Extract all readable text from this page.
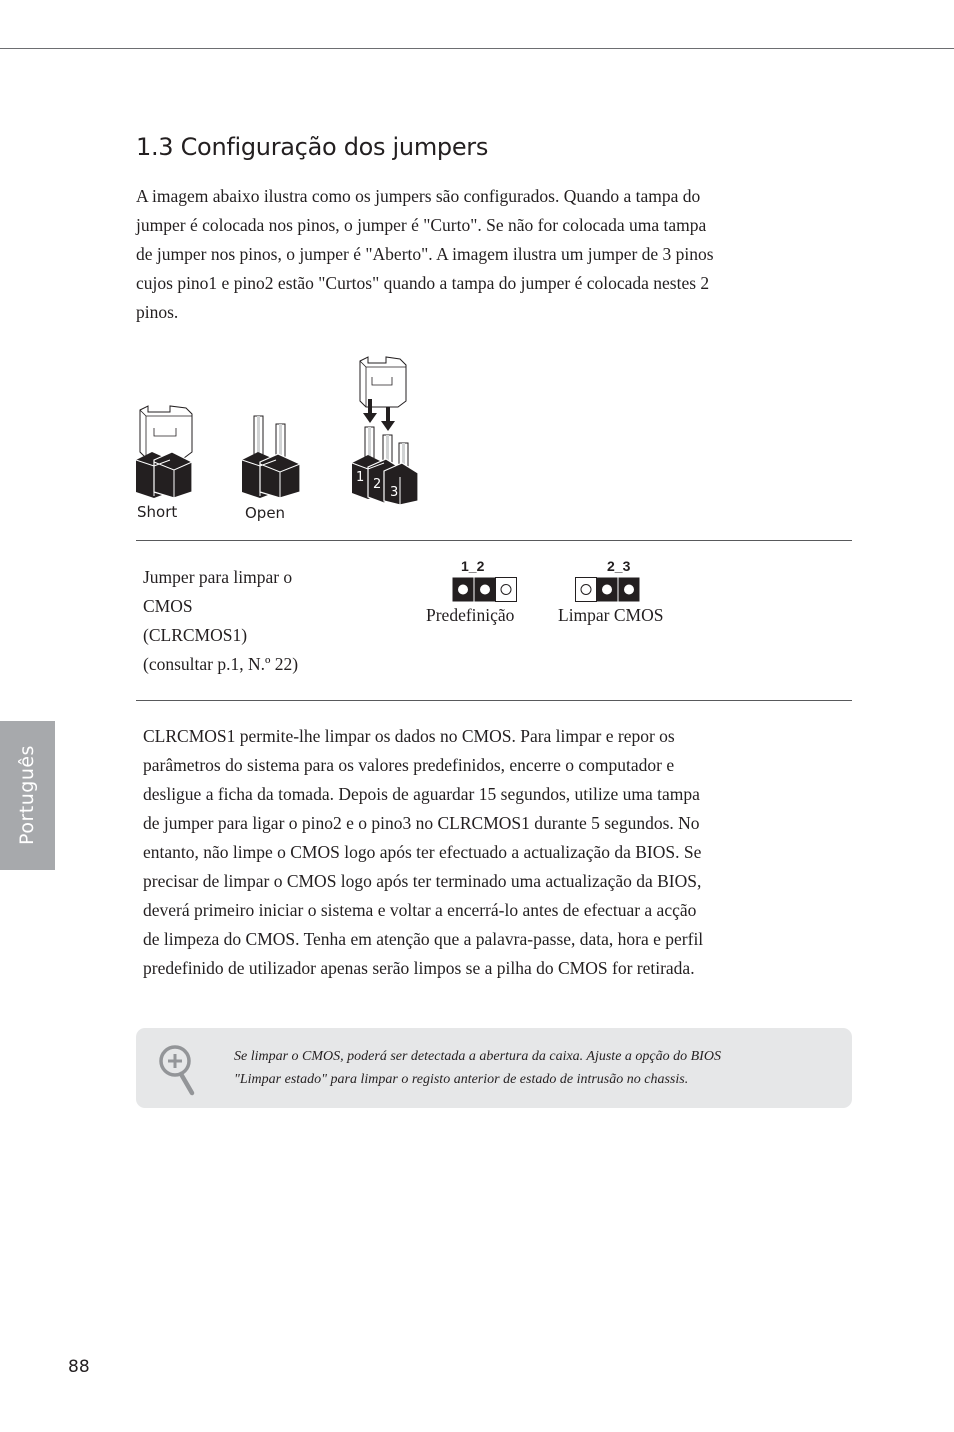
1.3 Configuração dos jumpers
A imagem abaixo ilustra como os jumpers são configurados. Quando a tampa do
jumper é colocada nos pinos, o jumper é "Curto". Se não for colocada uma tampa
de jumper nos pinos, o jumper é "Aberto". A imagem ilustra um jumper de 3 pinos
cujos pino1 e pino2 estão "Curtos" quando a tampa do jumper é colocada nestes 2
pinos.
Short	Open
1 2
3
Jumper para limpar o
CMOS
(CLRCMOS1)
(consultar p.1, N.º 22)
1_2
Predefinição
2_3
Limpar CMOS
Português
CLRCMOS1 permite-lhe limpar os dados no CMOS. Para limpar e repor os
parâmetros do sistema para os valores predefinidos, encerre o computador e
desligue a ficha da tomada. Depois de aguardar 15 segundos, utilize uma tampa
de jumper para ligar o pino2 e o pino3 no CLRCMOS1 durante 5 segundos. No
entanto, não limpe o CMOS logo após ter efectuado a actualização da BIOS. Se
precisar de limpar o CMOS logo após ter terminado uma actualização da BIOS,
deverá primeiro iniciar o sistema e voltar a encerrá-lo antes de efectuar a acção
de limpeza do CMOS. Tenha em atenção que a palavra-passe, data, hora e perfil
predefinido de utilizador apenas serão limpos se a pilha do CMOS for retirada.
Se limpar o CMOS, poderá ser detectada a abertura da caixa. Ajuste a opção do BIOS
"Limpar estado" para limpar o registo anterior de estado de intrusão no chassis.
88
